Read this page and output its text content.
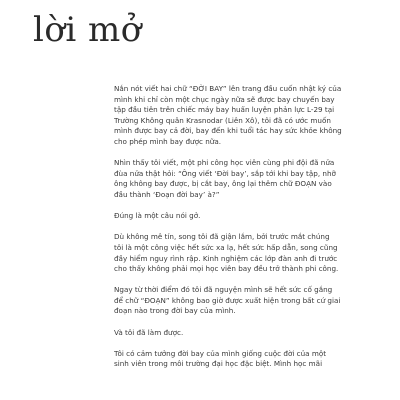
lời mở

Nắn nót viết hai chữ “ĐỜI BAY” lên trang đầu cuốn nhật ký của
mình khi chỉ còn một chục ngày nữa sẽ được bay chuyến bay
tập đầu tiên trên chiếc máy bay huấn luyện phản lực L-29 tại
Trường Không quân Krasnodar (Liên Xô), tôi đã có ước muốn
mình được bay cả đời, bay đến khi tuổi tác hay sức khỏe không
cho phép mình bay được nữa.

Nhìn thấy tôi viết, một phi công học viên cùng phi đội đã nửa
đùa nửa thật hỏi: “Ông viết ‘Đời bay’, sắp tới khi bay tập, nhỡ
ông không bay được, bị cắt bay, ông lại thêm chữ ĐOẠN vào
đầu thành ‘Đoạn đời bay’ à?”

Đúng là một câu nói gở.

Dù không mê tín, song tôi đã giận lắm, bởi trước mắt chúng
tôi là một công việc hết sức xa lạ, hết sức hấp dẫn, song cũng
đầy hiểm nguy rình rập. Kinh nghiệm các lớp đàn anh đi trước
cho thấy không phải mọi học viên bay đều trở thành phi công.

Ngay từ thời điểm đó tôi đã nguyện mình sẽ hết sức cố gắng
để chữ “ĐOẠN” không bao giờ được xuất hiện trong bất cứ giai
đoạn nào trong đời bay của mình.

Và tôi đã làm được.

Tôi có cảm tưởng đời bay của mình giống cuộc đời của một
sinh viên trong môi trường đại học đặc biệt. Mình học mãi
